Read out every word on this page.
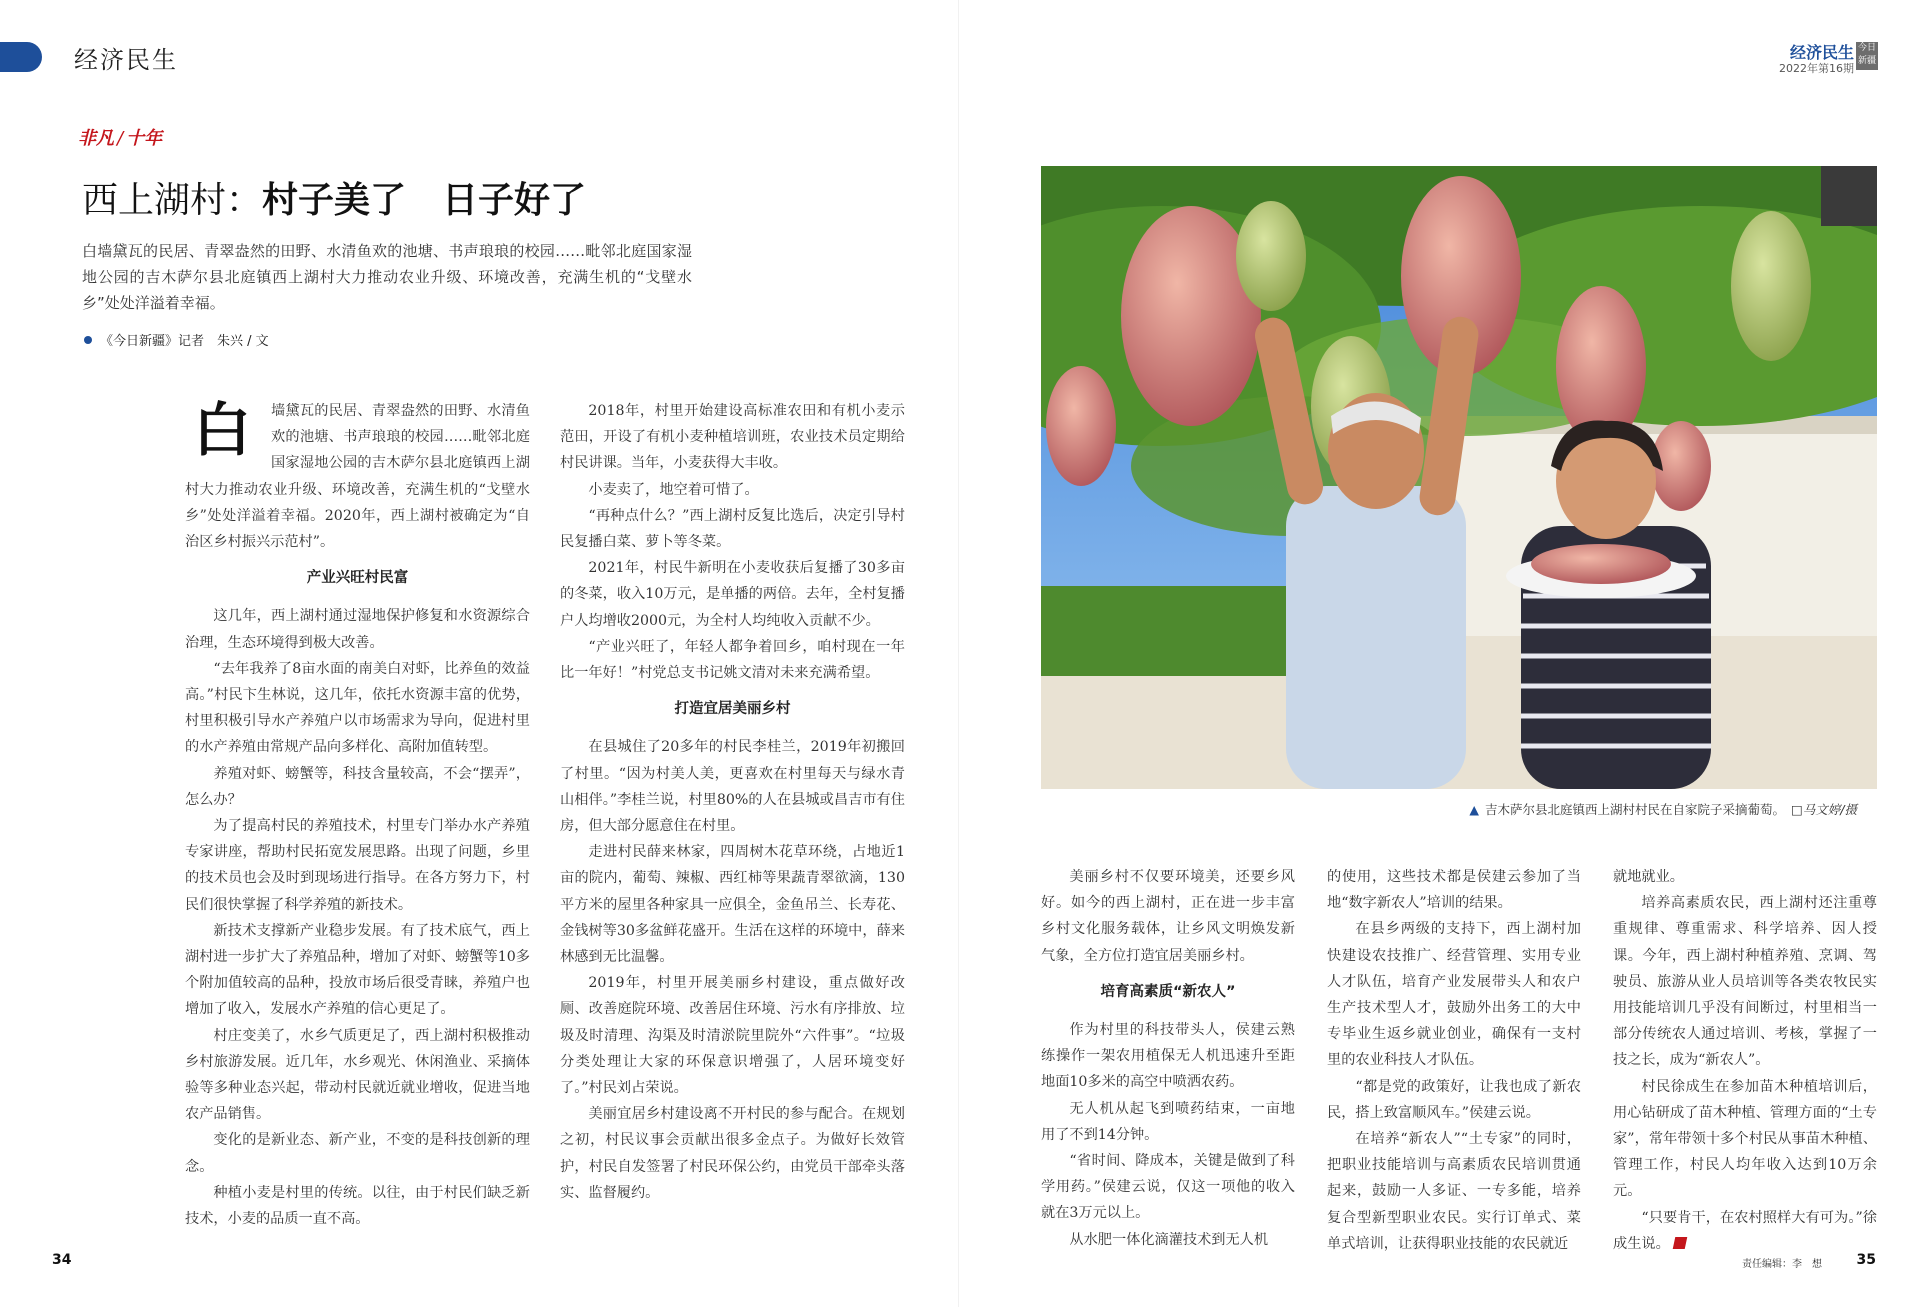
经济民生	经济民生
2022年第16期
今日新疆
非凡 / 十年
西上湖村：村子美了　日子好了
白墙黛瓦的民居、青翠盎然的田野、水清鱼欢的池塘、书声琅琅的校园……毗邻北庭国家湿地公园的吉木萨尔县北庭镇西上湖村大力推动农业升级、环境改善，充满生机的“戈壁水乡”处处洋溢着幸福。
《今日新疆》记者　朱兴 / 文
白	墙黛瓦的民居、青翠盎然的田野、水清鱼欢的池塘、书声琅琅的校园……毗邻北庭国家湿地公园的吉木萨尔县北庭镇西上湖村大力推动农业升级、环境改善，充满生机的“戈壁水乡”处处洋溢着幸福。2020年，西上湖村被确定为“自治区乡村振兴示范村”。

产业兴旺村民富

这几年，西上湖村通过湿地保护修复和水资源综合治理，生态环境得到极大改善。

“去年我养了8亩水面的南美白对虾，比养鱼的效益高。”村民卞生林说，这几年，依托水资源丰富的优势，村里积极引导水产养殖户以市场需求为导向，促进村里的水产养殖由常规产品向多样化、高附加值转型。

养殖对虾、螃蟹等，科技含量较高，不会“摆弄”，怎么办？

为了提高村民的养殖技术，村里专门举办水产养殖专家讲座，帮助村民拓宽发展思路。出现了问题，乡里的技术员也会及时到现场进行指导。在各方努力下，村民们很快掌握了科学养殖的新技术。

新技术支撑新产业稳步发展。有了技术底气，西上湖村进一步扩大了养殖品种，增加了对虾、螃蟹等10多个附加值较高的品种，投放市场后很受青睐，养殖户也增加了收入，发展水产养殖的信心更足了。

村庄变美了，水乡气质更足了，西上湖村积极推动乡村旅游发展。近几年，水乡观光、休闲渔业、采摘体验等多种业态兴起，带动村民就近就业增收，促进当地农产品销售。

变化的是新业态、新产业，不变的是科技创新的理念。

种植小麦是村里的传统。以往，由于村民们缺乏新技术，小麦的品质一直不高。

2018年，村里开始建设高标准农田和有机小麦示范田，开设了有机小麦种植培训班，农业技术员定期给村民讲课。当年，小麦获得大丰收。

小麦卖了，地空着可惜了。

“再种点什么？”西上湖村反复比选后，决定引导村民复播白菜、萝卜等冬菜。

2021年，村民牛新明在小麦收获后复播了30多亩的冬菜，收入10万元，是单播的两倍。去年，全村复播户人均增收2000元，为全村人均纯收入贡献不少。

“产业兴旺了，年轻人都争着回乡，咱村现在一年比一年好！”村党总支书记姚文清对未来充满希望。

打造宜居美丽乡村

在县城住了20多年的村民李桂兰，2019年初搬回了村里。“因为村美人美，更喜欢在村里每天与绿水青山相伴。”李桂兰说，村里80%的人在县城或昌吉市有住房，但大部分愿意住在村里。

走进村民薛来林家，四周树木花草环绕，占地近1亩的院内，葡萄、辣椒、西红柿等果蔬青翠欲滴，130平方米的屋里各种家具一应俱全，金鱼吊兰、长寿花、金钱树等30多盆鲜花盛开。生活在这样的环境中，薛来林感到无比温馨。

2019年，村里开展美丽乡村建设，重点做好改厕、改善庭院环境、改善居住环境、污水有序排放、垃圾及时清理、沟渠及时清淤院里院外“六件事”。“垃圾分类处理让大家的环保意识增强了，人居环境变好了。”村民刘占荣说。

美丽宜居乡村建设离不开村民的参与配合。在规划之初，村民议事会贡献出很多金点子。为做好长效管护，村民自发签署了村民环保公约，由党员干部牵头落实、监督履约。

美丽乡村不仅要环境美，还要乡风好。如今的西上湖村，正在进一步丰富乡村文化服务载体，让乡风文明焕发新气象，全方位打造宜居美丽乡村。

培育高素质“新农人”

作为村里的科技带头人，侯建云熟练操作一架农用植保无人机迅速升至距地面10多米的高空中喷洒农药。

无人机从起飞到喷药结束，一亩地用了不到14分钟。

“省时间、降成本，关键是做到了科学用药。”侯建云说，仅这一项他的收入就在3万元以上。

从水肥一体化滴灌技术到无人机

的使用，这些技术都是侯建云参加了当地“数字新农人”培训的结果。

在县乡两级的支持下，西上湖村加快建设农技推广、经营管理、实用专业人才队伍，培育产业发展带头人和农户生产技术型人才，鼓励外出务工的大中专毕业生返乡就业创业，确保有一支村里的农业科技人才队伍。

“都是党的政策好，让我也成了新农民，搭上致富顺风车。”侯建云说。

在培养“新农人”“土专家”的同时，把职业技能培训与高素质农民培训贯通起来，鼓励一人多证、一专多能，培养复合型新型职业农民。实行订单式、菜单式培训，让获得职业技能的农民就近

就地就业。

培养高素质农民，西上湖村还注重尊重规律、尊重需求、科学培养、因人授课。今年，西上湖村种植养殖、烹调、驾驶员、旅游从业人员培训等各类农牧民实用技能培训几乎没有间断过，村里相当一部分传统农人通过培训、考核，掌握了一技之长，成为“新农人”。

村民徐成生在参加苗木种植培训后，用心钻研成了苗木种植、管理方面的“土专家”，常年带领十多个村民从事苗木种植、管理工作，村民人均年收入达到10万余元。

“只要肯干，在农村照样大有可为。”徐成生说。

▲ 吉木萨尔县北庭镇西上湖村村民在自家院子采摘葡萄。 □马文婷/摄
34	35
责任编辑：李　想
